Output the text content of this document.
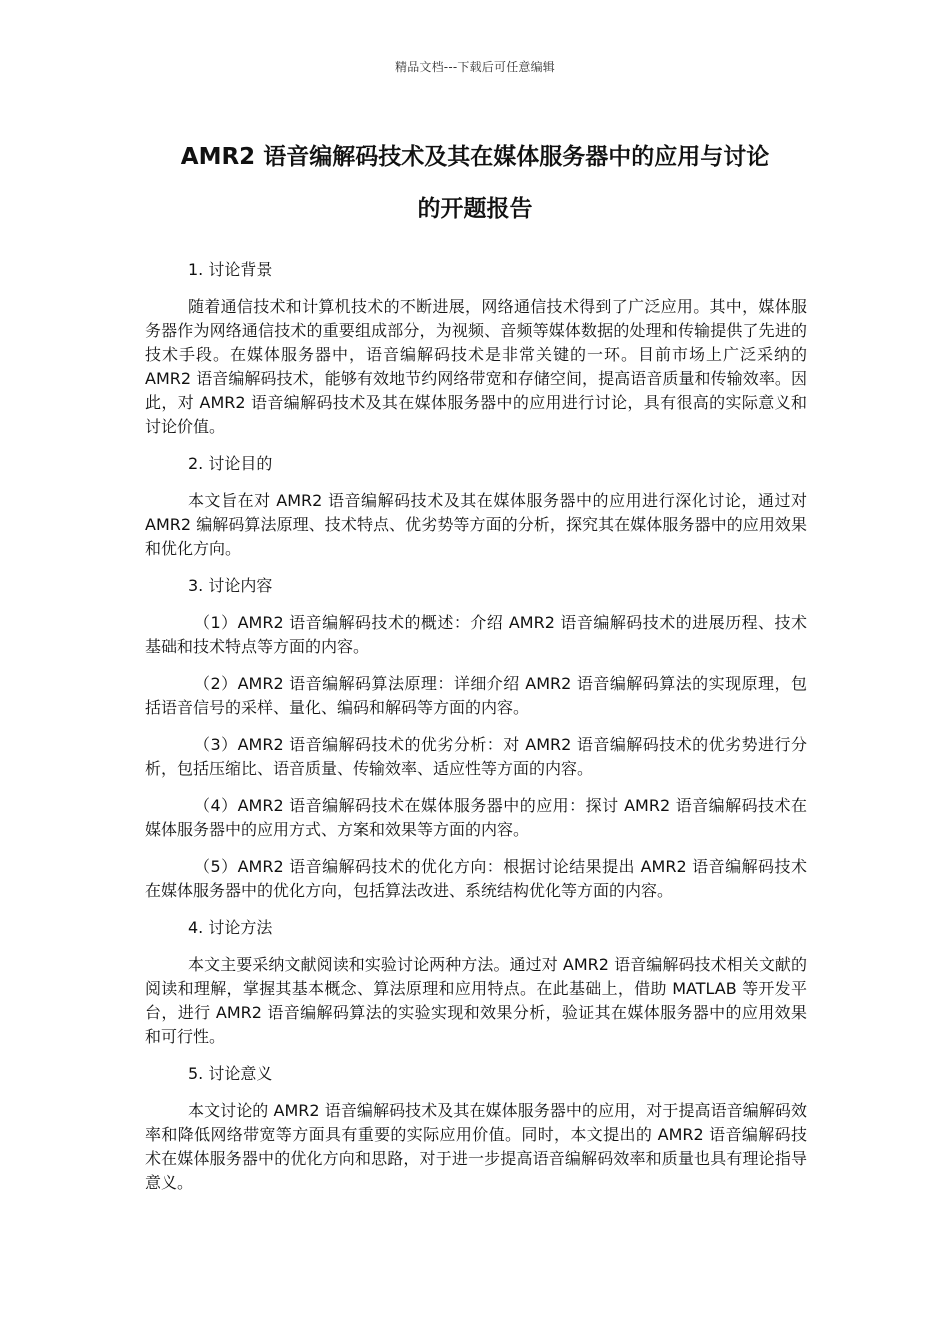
精品文档---下载后可任意编辑
AMR2 语音编解码技术及其在媒体服务器中的应用与讨论
的开题报告
1. 讨论背景

随着通信技术和计算机技术的不断进展，网络通信技术得到了广泛应用。其中，媒体服务器作为网络通信技术的重要组成部分，为视频、音频等媒体数据的处理和传输提供了先进的技术手段。在媒体服务器中，语音编解码技术是非常关键的一环。目前市场上广泛采纳的 AMR2 语音编解码技术，能够有效地节约网络带宽和存储空间，提高语音质量和传输效率。因此，对 AMR2 语音编解码技术及其在媒体服务器中的应用进行讨论，具有很高的实际意义和讨论价值。

2. 讨论目的

本文旨在对 AMR2 语音编解码技术及其在媒体服务器中的应用进行深化讨论，通过对 AMR2 编解码算法原理、技术特点、优劣势等方面的分析，探究其在媒体服务器中的应用效果和优化方向。

3. 讨论内容

（1）AMR2 语音编解码技术的概述：介绍 AMR2 语音编解码技术的进展历程、技术基础和技术特点等方面的内容。

（2）AMR2 语音编解码算法原理：详细介绍 AMR2 语音编解码算法的实现原理，包括语音信号的采样、量化、编码和解码等方面的内容。

（3）AMR2 语音编解码技术的优劣分析：对 AMR2 语音编解码技术的优劣势进行分析，包括压缩比、语音质量、传输效率、适应性等方面的内容。

（4）AMR2 语音编解码技术在媒体服务器中的应用：探讨 AMR2 语音编解码技术在媒体服务器中的应用方式、方案和效果等方面的内容。

（5）AMR2 语音编解码技术的优化方向：根据讨论结果提出 AMR2 语音编解码技术在媒体服务器中的优化方向，包括算法改进、系统结构优化等方面的内容。

4. 讨论方法

本文主要采纳文献阅读和实验讨论两种方法。通过对 AMR2 语音编解码技术相关文献的阅读和理解，掌握其基本概念、算法原理和应用特点。在此基础上，借助 MATLAB 等开发平台，进行 AMR2 语音编解码算法的实验实现和效果分析，验证其在媒体服务器中的应用效果和可行性。

5. 讨论意义

本文讨论的 AMR2 语音编解码技术及其在媒体服务器中的应用，对于提高语音编解码效率和降低网络带宽等方面具有重要的实际应用价值。同时，本文提出的 AMR2 语音编解码技术在媒体服务器中的优化方向和思路，对于进一步提高语音编解码效率和质量也具有理论指导意义。
